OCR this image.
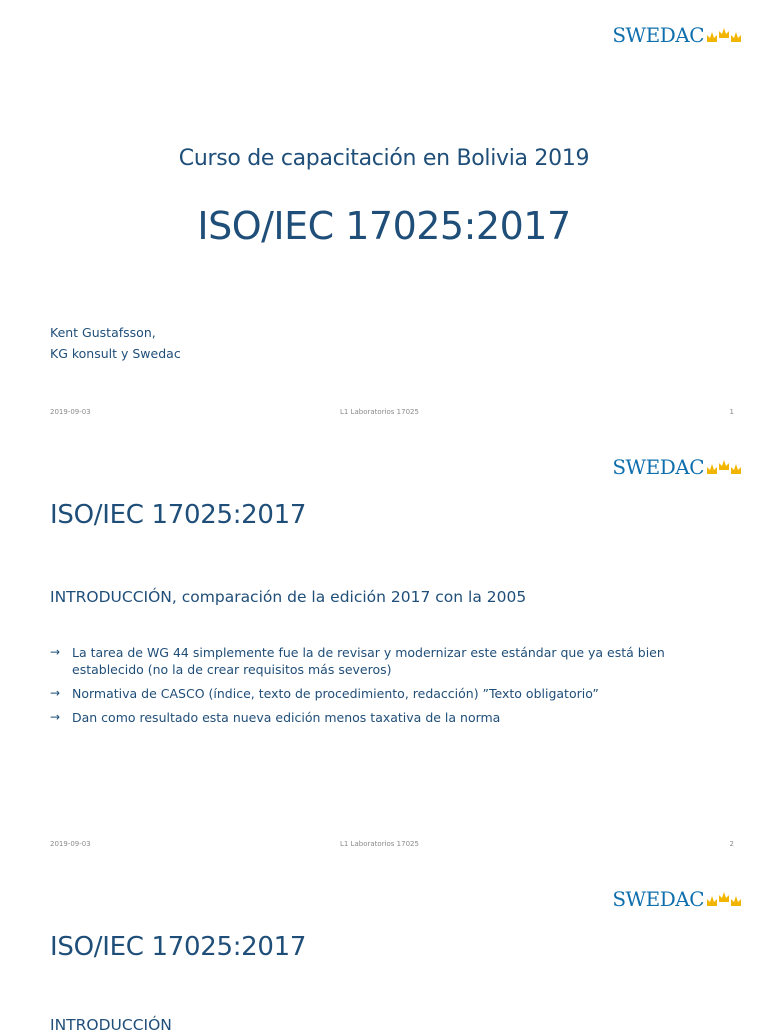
SWEDAC
Curso de capacitación en Bolivia 2019
ISO/IEC 17025:2017
Kent Gustafsson,
KG konsult y Swedac
2019-09-03	L1 Laboratorios 17025	1
SWEDAC
ISO/IEC 17025:2017
INTRODUCCIÓN, comparación de la edición 2017 con la 2005
→ La tarea de WG 44 simplemente fue la de revisar y modernizar este estándar que ya está bien establecido (no la de crear requisitos más severos)
→ Normativa de CASCO (índice, texto de procedimiento, redacción) ”Texto obligatorio”
→ Dan como resultado esta nueva edición menos taxativa de la norma
2019-09-03	L1 Laboratorios 17025	2
SWEDAC
ISO/IEC 17025:2017
INTRODUCCIÓN
